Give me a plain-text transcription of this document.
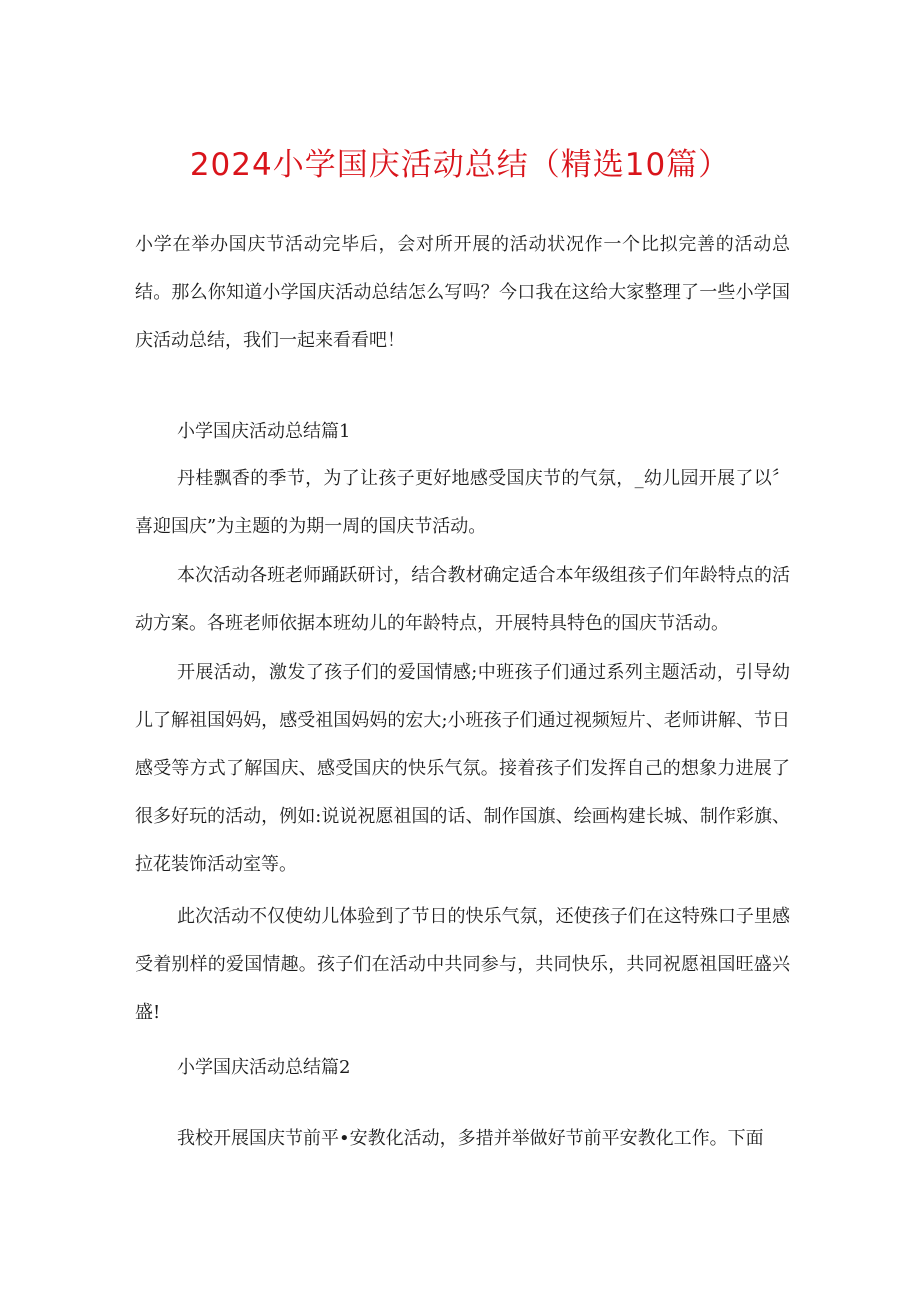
2024小学国庆活动总结（精选10篇）

小学在举办国庆节活动完毕后，会对所开展的活动状况作一个比拟完善的活动总结。那么你知道小学国庆活动总结怎么写吗？今口我在这给大家整理了一些小学国庆活动总结，我们一起来看看吧！

小学国庆活动总结篇1

丹桂飘香的季节，为了让孩子更好地感受国庆节的气氛，_幼儿园开展了以〞喜迎国庆”为主题的为期一周的国庆节活动。

本次活动各班老师踊跃研讨，结合教材确定适合本年级组孩子们年龄特点的活动方案。各班老师依据本班幼儿的年龄特点，开展特具特色的国庆节活动。

开展活动，激发了孩子们的爱国情感;中班孩子们通过系列主题活动，引导幼儿了解祖国妈妈，感受祖国妈妈的宏大;小班孩子们通过视频短片、老师讲解、节日感受等方式了解国庆、感受国庆的快乐气氛。接着孩子们发挥自己的想象力进展了很多好玩的活动，例如:说说祝愿祖国的话、制作国旗、绘画构建长城、制作彩旗、拉花装饰活动室等。

此次活动不仅使幼儿体验到了节日的快乐气氛，还使孩子们在这特殊口子里感受着别样的爱国情趣。孩子们在活动中共同参与，共同快乐，共同祝愿祖国旺盛兴盛!

小学国庆活动总结篇2

我校开展国庆节前平•安教化活动，多措并举做好节前平安教化工作。下面
